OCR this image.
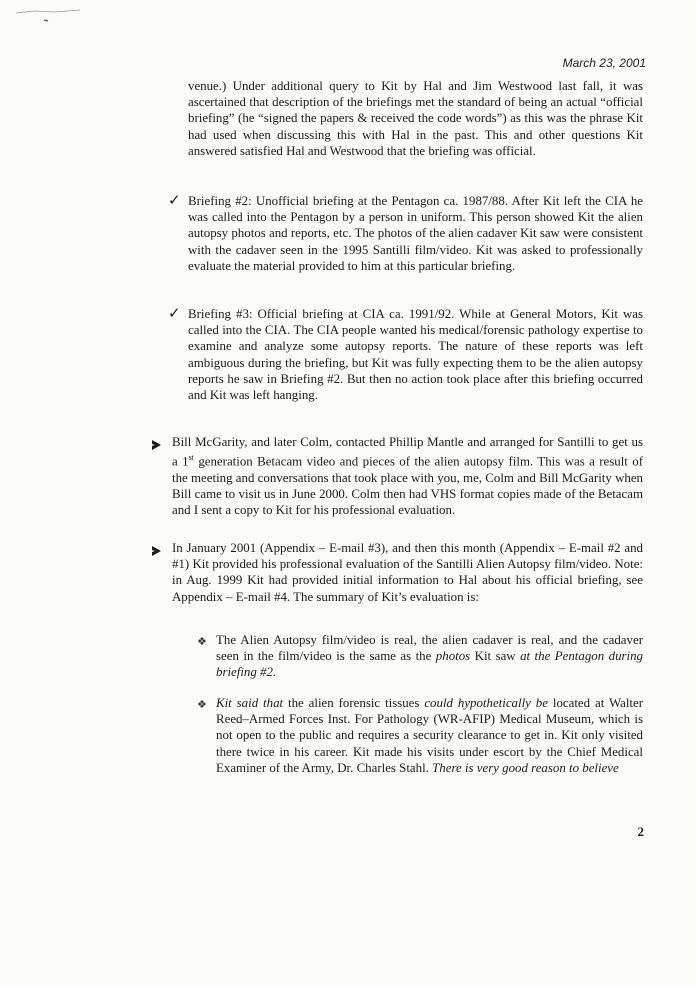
March 23, 2001

venue.) Under additional query to Kit by Hal and Jim Westwood last fall, it was ascertained that description of the briefings met the standard of being an actual “official briefing” (he “signed the papers & received the code words”) as this was the phrase Kit had used when discussing this with Hal in the past. This and other questions Kit answered satisfied Hal and Westwood that the briefing was official.

✓ Briefing #2: Unofficial briefing at the Pentagon ca. 1987/88. After Kit left the CIA he was called into the Pentagon by a person in uniform. This person showed Kit the alien autopsy photos and reports, etc. The photos of the alien cadaver Kit saw were consistent with the cadaver seen in the 1995 Santilli film/video. Kit was asked to professionally evaluate the material provided to him at this particular briefing.

✓ Briefing #3: Official briefing at CIA ca. 1991/92. While at General Motors, Kit was called into the CIA. The CIA people wanted his medical/forensic pathology expertise to examine and analyze some autopsy reports. The nature of these reports was left ambiguous during the briefing, but Kit was fully expecting them to be the alien autopsy reports he saw in Briefing #2. But then no action took place after this briefing occurred and Kit was left hanging.

Bill McGarity, and later Colm, contacted Phillip Mantle and arranged for Santilli to get us a 1st generation Betacam video and pieces of the alien autopsy film. This was a result of the meeting and conversations that took place with you, me, Colm and Bill McGarity when Bill came to visit us in June 2000. Colm then had VHS format copies made of the Betacam and I sent a copy to Kit for his professional evaluation.

In January 2001 (Appendix – E-mail #3), and then this month (Appendix – E-mail #2 and #1) Kit provided his professional evaluation of the Santilli Alien Autopsy film/video. Note: in Aug. 1999 Kit had provided initial information to Hal about his official briefing, see Appendix – E-mail #4. The summary of Kit’s evaluation is:

❖ The Alien Autopsy film/video is real, the alien cadaver is real, and the cadaver seen in the film/video is the same as the photos Kit saw at the Pentagon during briefing #2.

❖ Kit said that the alien forensic tissues could hypothetically be located at Walter Reed–Armed Forces Inst. For Pathology (WR-AFIP) Medical Museum, which is not open to the public and requires a security clearance to get in. Kit only visited there twice in his career. Kit made his visits under escort by the Chief Medical Examiner of the Army, Dr. Charles Stahl. There is very good reason to believe

2
